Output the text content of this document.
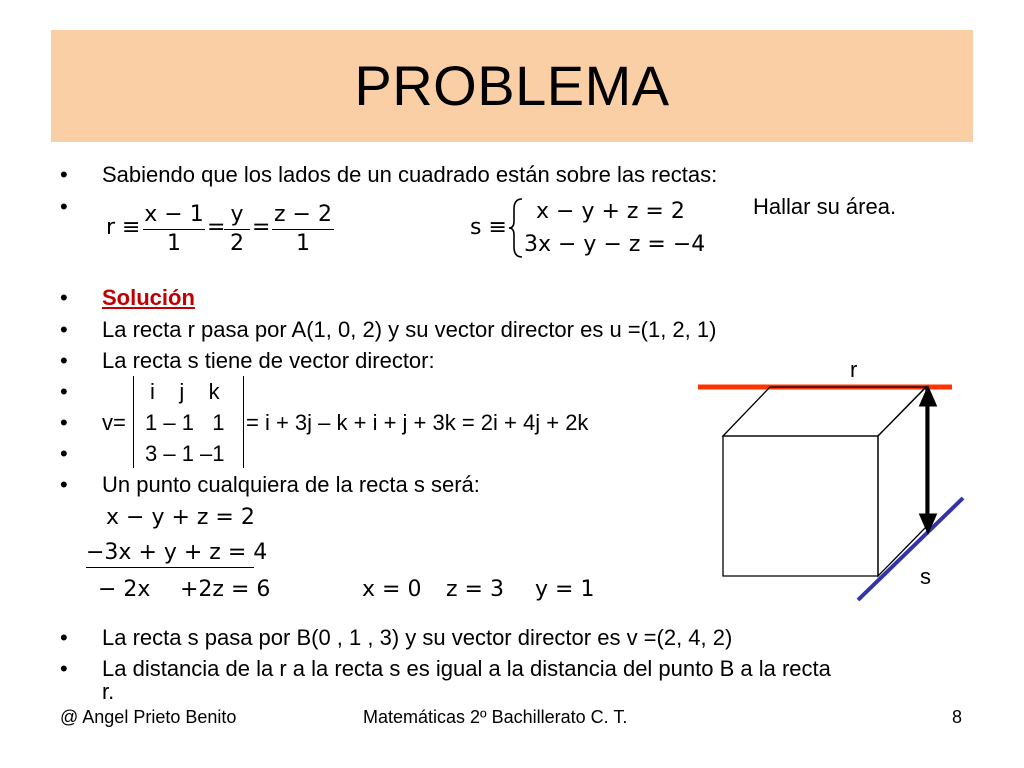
PROBLEMA
• Sabiendo que los lados de un cuadrado están sobre las rectas:
•	Hallar su área.
r ≡
x − 1
1
=
y
2
=
z − 2
1
s ≡
x − y + z = 2
3x − y − z = −4
• Solución
• La recta r pasa por A(1, 0, 2) y su vector director es u =(1, 2, 1)
• La recta s tiene de vector director:
•	i    j    k
• v= 1 – 1   1 = i + 3j – k + i + j + 3k = 2i + 4j + 2k
•	3 – 1 –1
• Un punto cualquiera de la recta s será:
x − y + z = 2
−3x + y + z = 4
− 2x +2z = 6	x = 0 z = 3 y = 1
• La recta s pasa por B(0 , 1 , 3) y su vector director es v =(2, 4, 2)
• La distancia de la r a la recta s es igual a la distancia del punto B a la recta
r.
r
s
@ Angel Prieto Benito	Matemáticas 2º Bachillerato C. T.	8
